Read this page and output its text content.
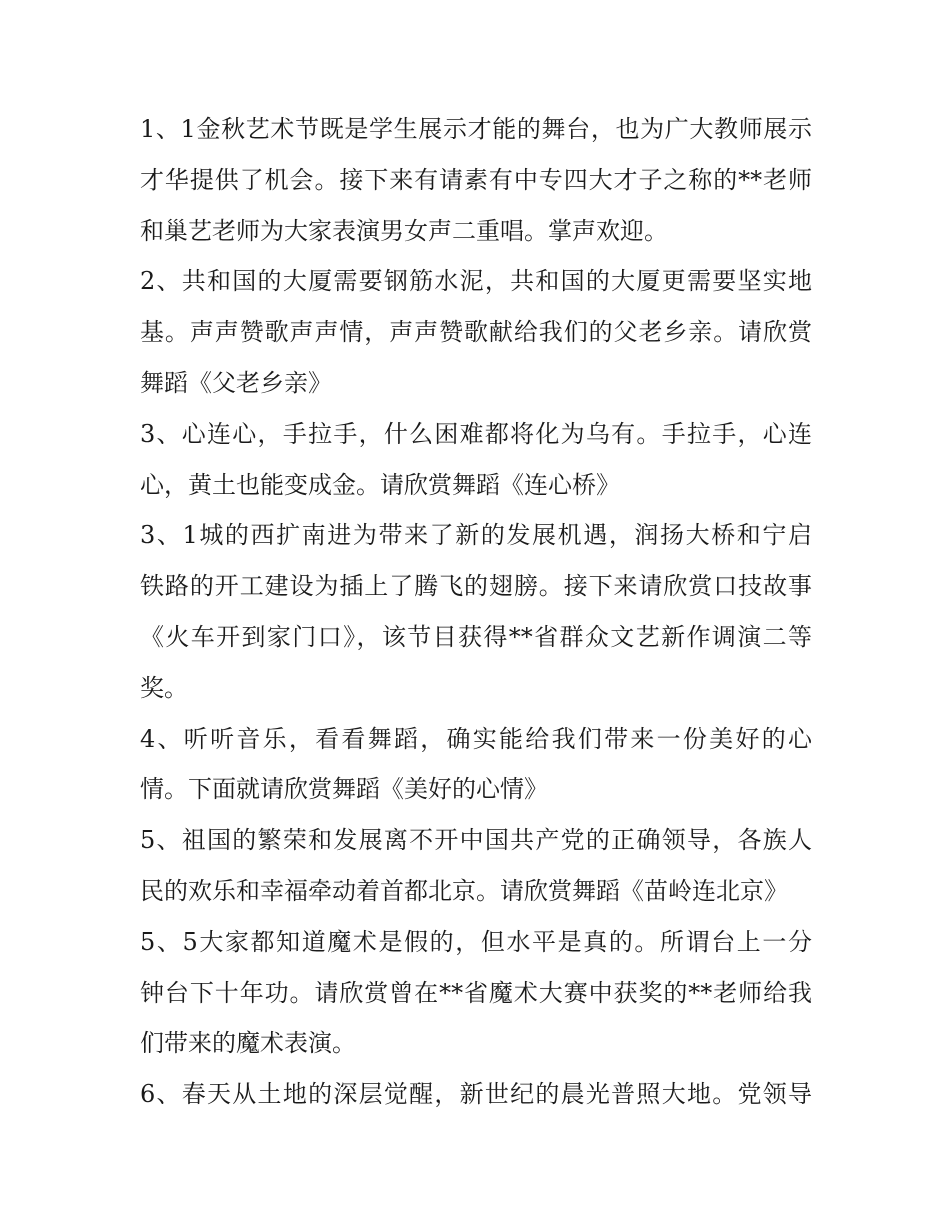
1、1金秋艺术节既是学生展示才能的舞台，也为广大教师展示
才华提供了机会。接下来有请素有中专四大才子之称的**老师
和巢艺老师为大家表演男女声二重唱。掌声欢迎。
2、共和国的大厦需要钢筋水泥，共和国的大厦更需要坚实地
基。声声赞歌声声情，声声赞歌献给我们的父老乡亲。请欣赏
舞蹈《父老乡亲》
3、心连心，手拉手，什么困难都将化为乌有。手拉手，心连
心，黄土也能变成金。请欣赏舞蹈《连心桥》
3、1城的西扩南进为带来了新的发展机遇，润扬大桥和宁启
铁路的开工建设为插上了腾飞的翅膀。接下来请欣赏口技故事
《火车开到家门口》，该节目获得**省群众文艺新作调演二等
奖。
4、听听音乐，看看舞蹈，确实能给我们带来一份美好的心
情。下面就请欣赏舞蹈《美好的心情》
5、祖国的繁荣和发展离不开中国共产党的正确领导，各族人
民的欢乐和幸福牵动着首都北京。请欣赏舞蹈《苗岭连北京》
5、5大家都知道魔术是假的，但水平是真的。所谓台上一分
钟台下十年功。请欣赏曾在**省魔术大赛中获奖的**老师给我
们带来的魔术表演。
6、春天从土地的深层觉醒，新世纪的晨光普照大地。党领导
